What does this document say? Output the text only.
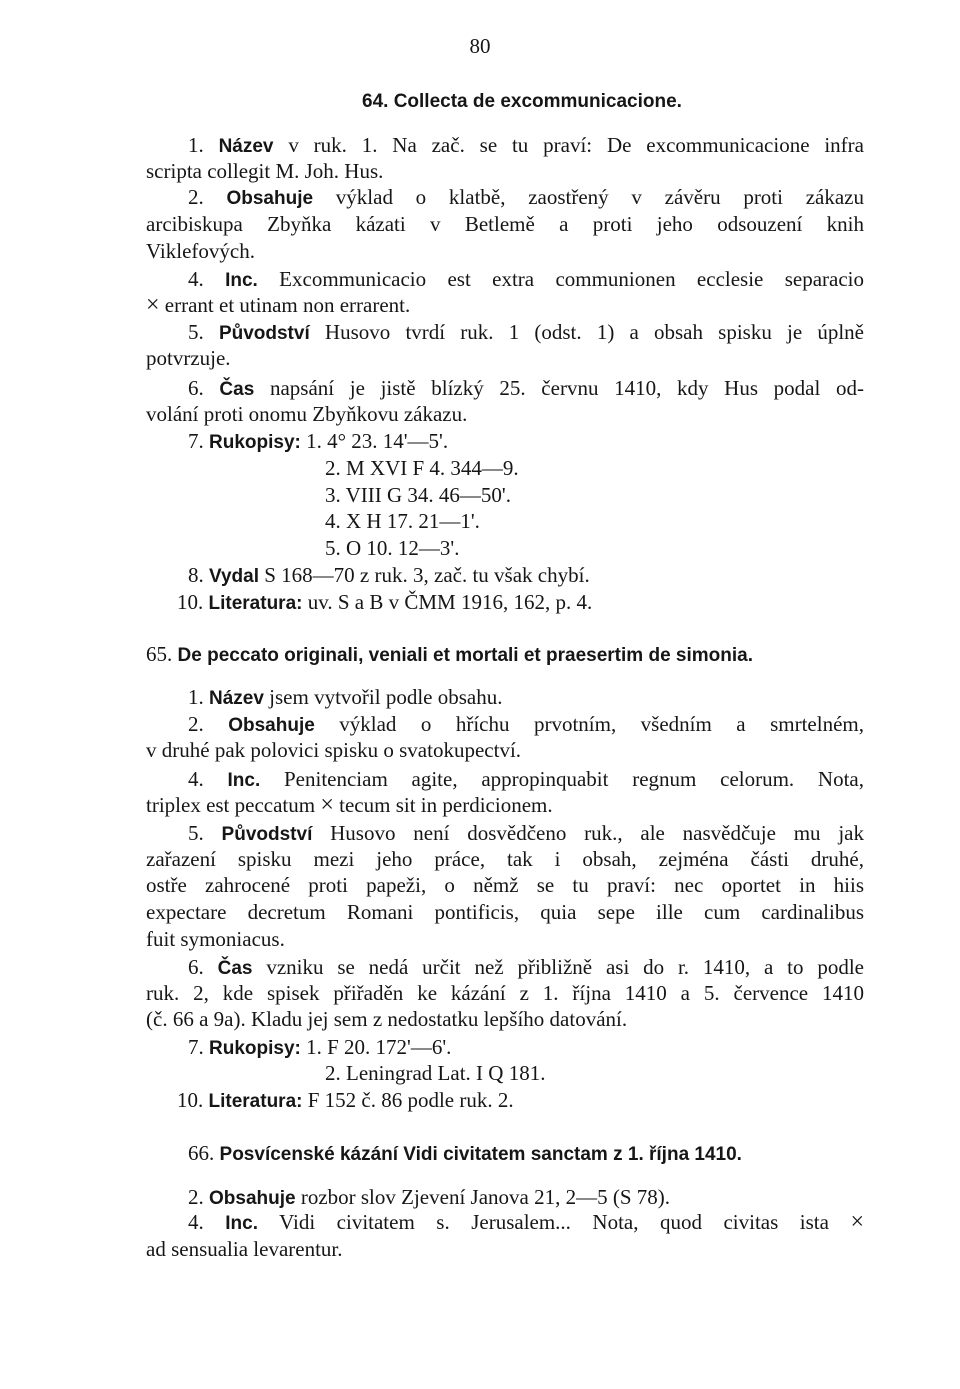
80
64. Collecta de excommunicacione.
1. Název v ruk. 1. Na zač. se tu praví: De excommunicacione infra
scripta collegit M. Joh. Hus.
2. Obsahuje výklad o klatbě, zaostřený v závěru proti zákazu
arcibiskupa Zbyňka kázati v Betlemě a proti jeho odsouzení knih
Viklefových.
4. Inc. Excommunicacio est extra communionen ecclesie separacio
× errant et utinam non errarent.
5. Původství Husovo tvrdí ruk. 1 (odst. 1) a obsah spisku je úplně
potvrzuje.
6. Čas napsání je jistě blízký 25. červnu 1410, kdy Hus podal od-
volání proti onomu Zbyňkovu zákazu.
7. Rukopisy: 1. 4° 23. 14'—5'.
2. M XVI F 4. 344—9.
3. VIII G 34. 46—50'.
4. X H 17. 21—1'.
5. O 10. 12—3'.
8. Vydal S 168—70 z ruk. 3, zač. tu však chybí.
10. Literatura: uv. S a B v ČMM 1916, 162, p. 4.
65. De peccato originali, veniali et mortali et praesertim de simonia.
1. Název jsem vytvořil podle obsahu.
2. Obsahuje výklad o hříchu prvotním, všedním a smrtelném,
v druhé pak polovici spisku o svatokupectví.
4. Inc. Penitenciam agite, appropinquabit regnum celorum. Nota,
triplex est peccatum × tecum sit in perdicionem.
5. Původství Husovo není dosvědčeno ruk., ale nasvědčuje mu jak
zařazení spisku mezi jeho práce, tak i obsah, zejména části druhé,
ostře zahrocené proti papeži, o němž se tu praví: nec oportet in hiis
expectare decretum Romani pontificis, quia sepe ille cum cardinalibus
fuit symoniacus.
6. Čas vzniku se nedá určit než přibližně asi do r. 1410, a to podle
ruk. 2, kde spisek přiřaděn ke kázání z 1. října 1410 a 5. července 1410
(č. 66 a 9a). Kladu jej sem z nedostatku lepšího datování.
7. Rukopisy: 1. F 20. 172'—6'.
2. Leningrad Lat. I Q 181.
10. Literatura: F 152 č. 86 podle ruk. 2.
66. Posvícenské kázání Vidi civitatem sanctam z 1. října 1410.
2. Obsahuje rozbor slov Zjevení Janova 21, 2—5 (S 78).
4. Inc. Vidi civitatem s. Jerusalem... Nota, quod civitas ista ×
ad sensualia levarentur.
